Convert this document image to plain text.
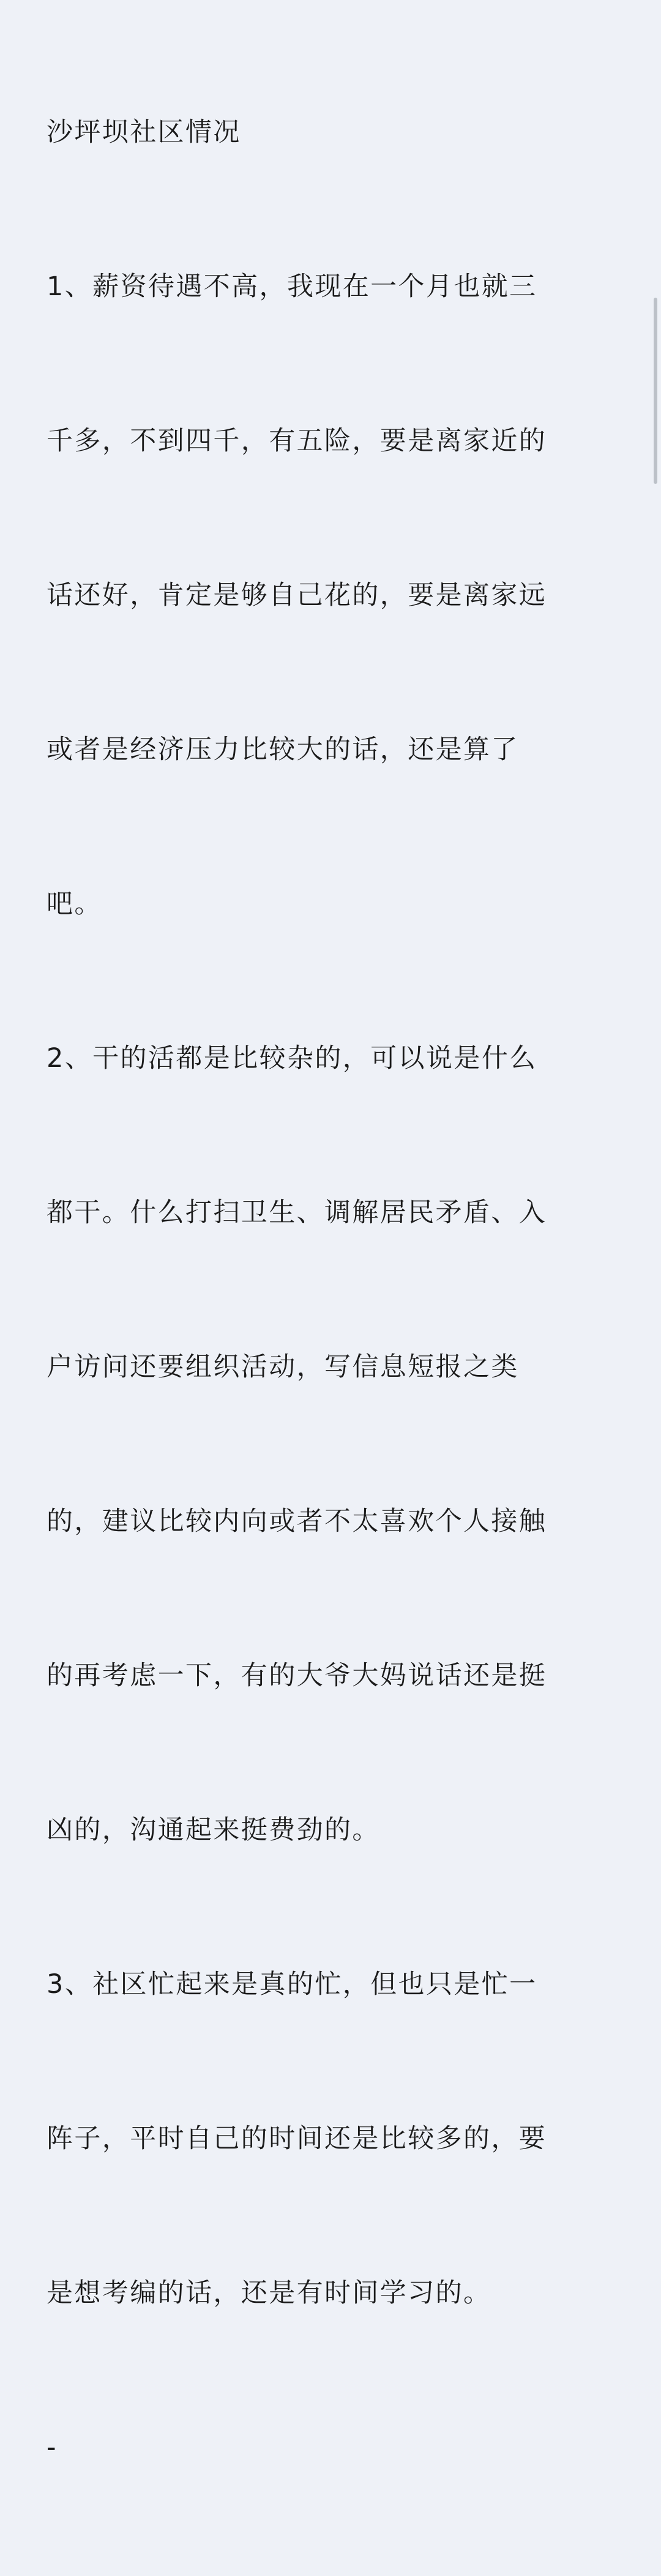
沙坪坝社区情况

1、薪资待遇不高，我现在一个月也就三

千多，不到四千，有五险，要是离家近的

话还好，肯定是够自己花的，要是离家远

或者是经济压力比较大的话，还是算了

吧。

2、干的活都是比较杂的，可以说是什么

都干。什么打扫卫生、调解居民矛盾、入

户访问还要组织活动，写信息短报之类

的，建议比较内向或者不太喜欢个人接触

的再考虑一下，有的大爷大妈说话还是挺

凶的，沟通起来挺费劲的。

3、社区忙起来是真的忙，但也只是忙一

阵子，平时自己的时间还是比较多的，要

是想考编的话，还是有时间学习的。

-
